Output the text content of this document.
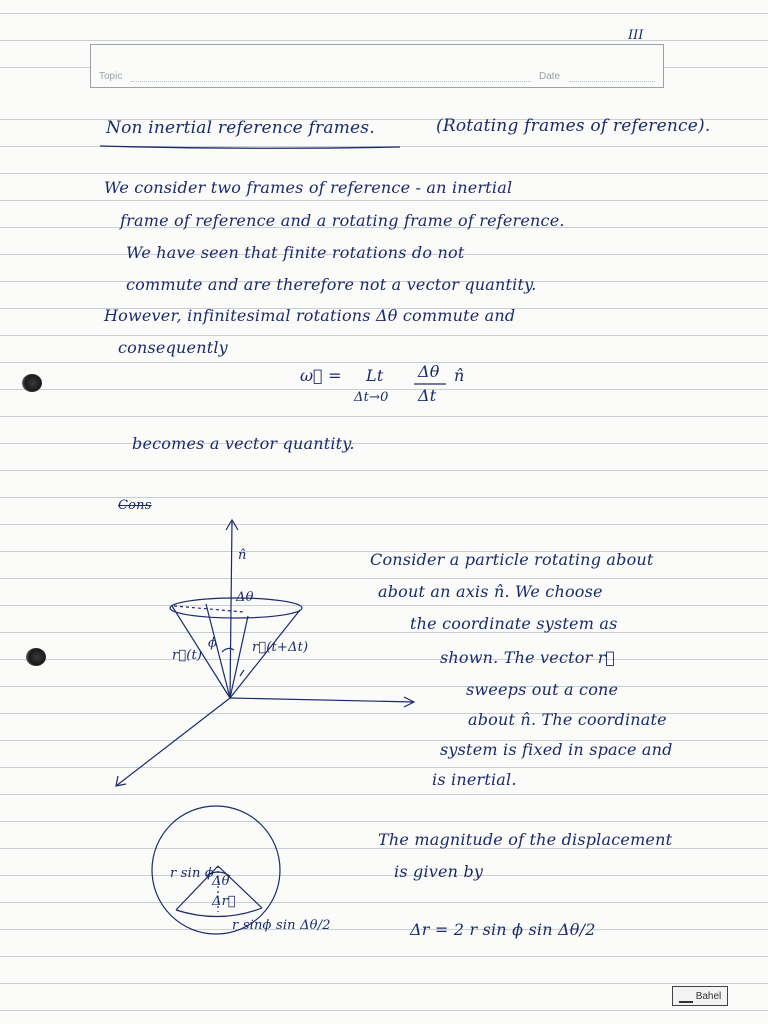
III
Topic	Date
Non inertial reference frames.	(Rotating frames of reference).
We consider two frames of reference - an inertial
frame of reference and a rotating frame of reference.
We have seen that finite rotations do not
commute and are therefore not a vector quantity.
However, infinitesimal rotations Δθ commute and
consequently
ω⃗ = Lt
Δt→0
Δθ
Δt
n̂
becomes a vector quantity.
Cons
n̂
Δθ
ϕ
r⃗(t)
r⃗(t+Δt)
Consider a particle rotating about
about an axis n̂. We choose
the coordinate system as
shown. The vector r⃗
sweeps out a cone
about n̂. The coordinate
system is fixed in space and
is inertial.
r sin ϕ
Δθ
Δr⃗
r sinϕ sin Δθ/2
The magnitude of the displacement
is given by
Δr = 2 r sin ϕ sin Δθ/2
Bahel
